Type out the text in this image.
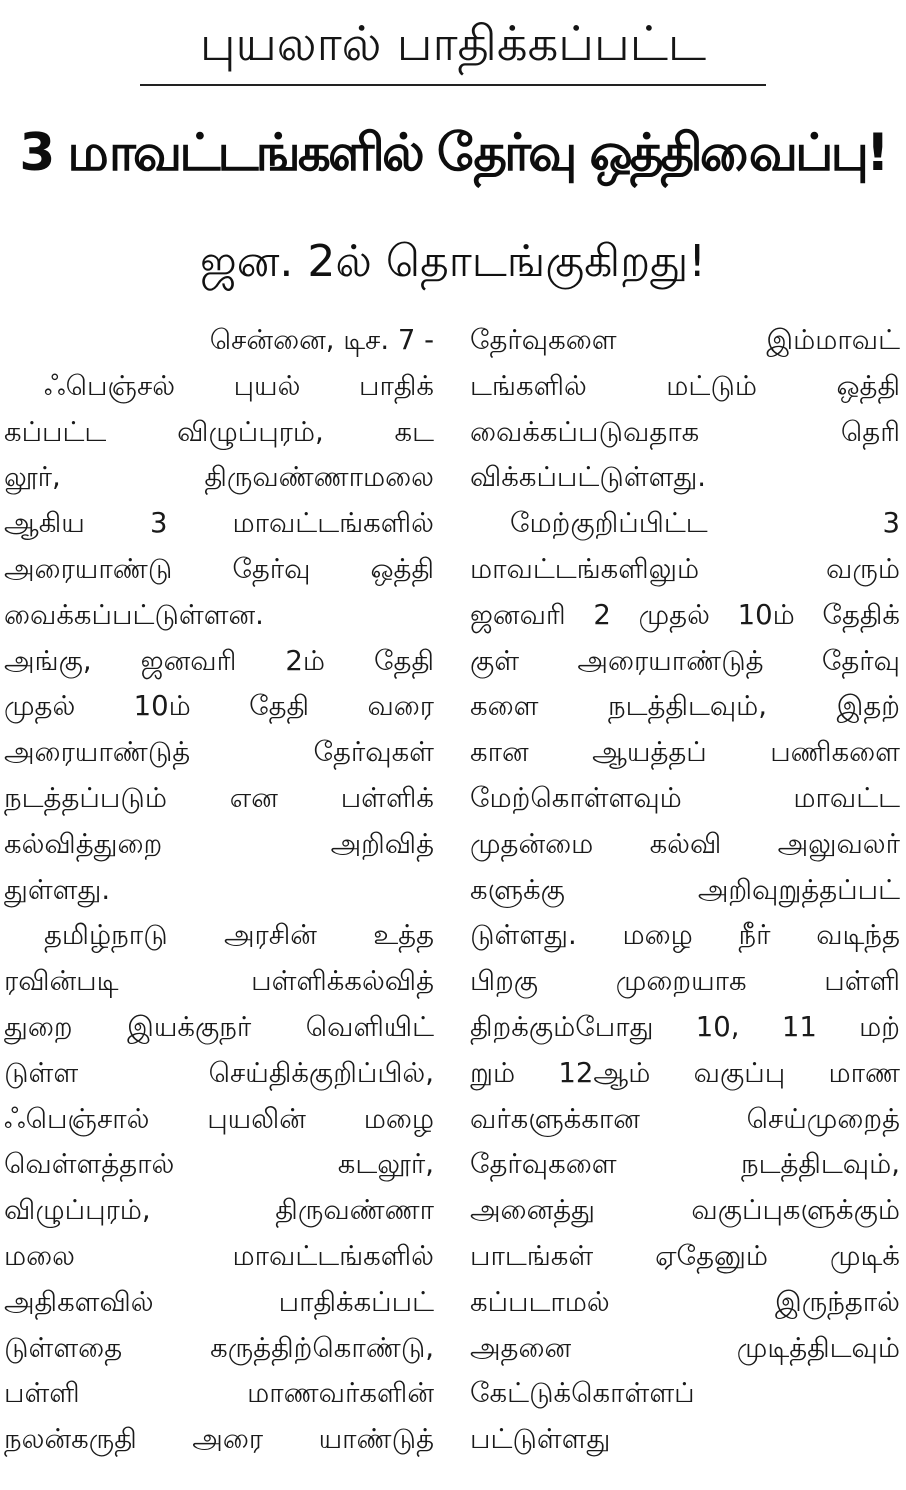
புயலால் பாதிக்கப்பட்ட
3 மாவட்டங்களில் தேர்வு ஒத்திவைப்பு!
ஜன. 2ல் தொடங்குகிறது!
சென்னை, டிச. 7 -
ஃபெஞ்சல் புயல் பாதிக்
கப்பட்ட விழுப்புரம், கட
லூர், திருவண்ணாமலை
ஆகிய 3 மாவட்டங்களில்
அரையாண்டு தேர்வு ஒத்தி
வைக்கப்பட்டுள்ளன.
அங்கு, ஜனவரி 2ம் தேதி
முதல் 10ம் தேதி வரை
அரையாண்டுத் தேர்வுகள்
நடத்தப்படும் என பள்ளிக்
கல்வித்துறை அறிவித்
துள்ளது.
தமிழ்நாடு அரசின் உத்த
ரவின்படி பள்ளிக்கல்வித்
துறை இயக்குநர் வெளியிட்
டுள்ள செய்திக்குறிப்பில்,
ஃபெஞ்சால் புயலின் மழை
வெள்ளத்தால் கடலூர்,
விழுப்புரம், திருவண்ணா
மலை மாவட்டங்களில்
அதிகளவில் பாதிக்கப்பட்
டுள்ளதை கருத்திற்கொண்டு,
பள்ளி மாணவர்களின்
நலன்கருதி அரை யாண்டுத்
தேர்வுகளை இம்மாவட்
டங்களில் மட்டும் ஒத்தி
வைக்கப்படுவதாக தெரி
விக்கப்பட்டுள்ளது.
மேற்குறிப்பிட்ட 3
மாவட்டங்களிலும் வரும்
ஜனவரி 2 முதல் 10ம் தேதிக்
குள் அரையாண்டுத் தேர்வு
களை நடத்திடவும், இதற்
கான ஆயத்தப் பணிகளை
மேற்கொள்ளவும் மாவட்ட
முதன்மை கல்வி அலுவலர்
களுக்கு அறிவுறுத்தப்பட்
டுள்ளது. மழை நீர் வடிந்த
பிறகு முறையாக பள்ளி
திறக்கும்போது 10, 11 மற்
றும் 12ஆம் வகுப்பு மாண
வர்களுக்கான செய்முறைத்
தேர்வுகளை நடத்திடவும்,
அனைத்து வகுப்புகளுக்கும்
பாடங்கள் ஏதேனும் முடிக்
கப்படாமல் இருந்தால்
அதனை முடித்திடவும்
கேட்டுக்கொள்ளப்
பட்டுள்ளது
